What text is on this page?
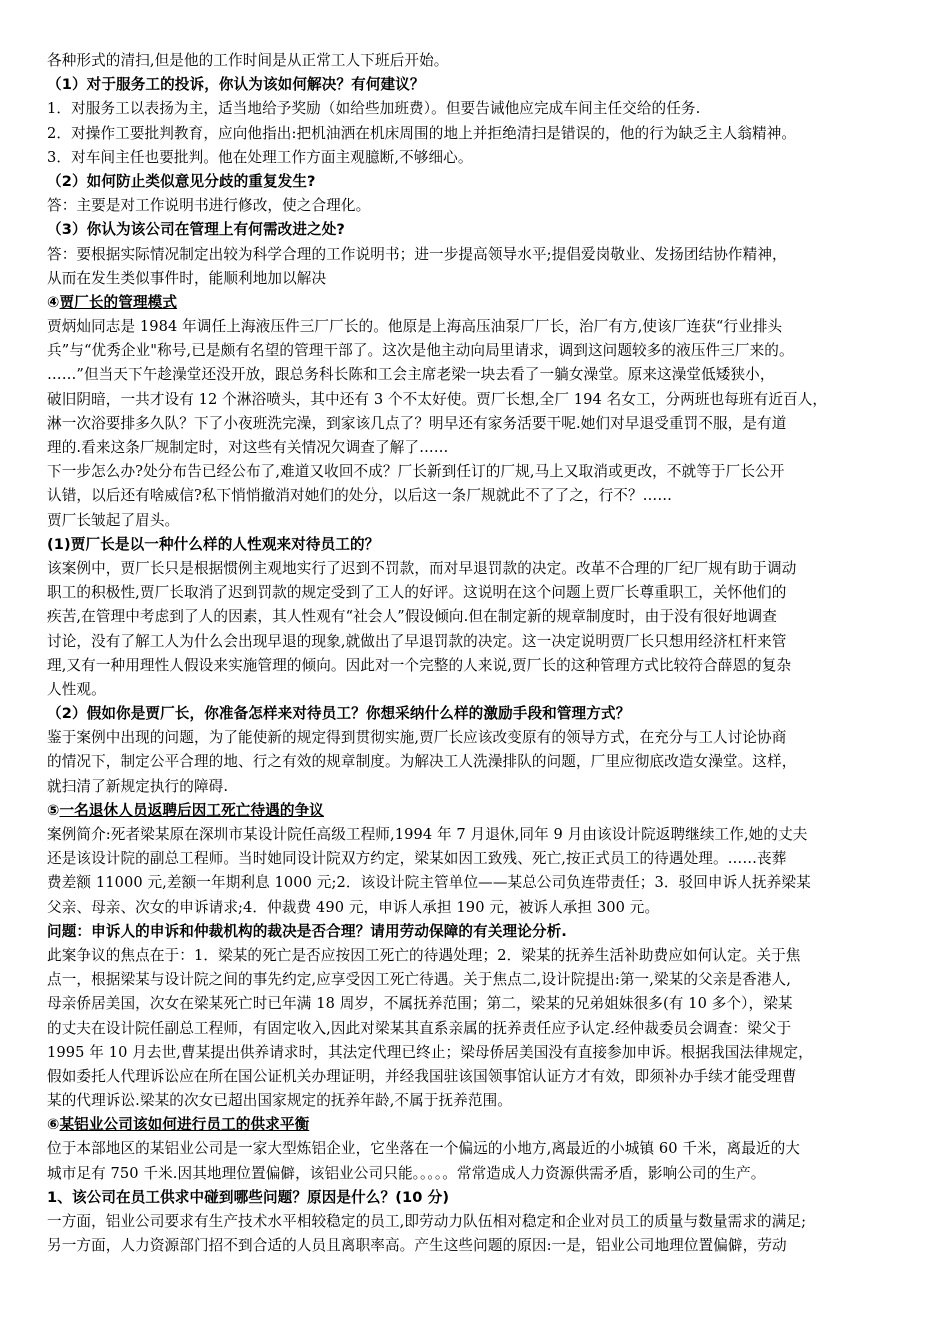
各种形式的清扫,但是他的工作时间是从正常工人下班后开始。
（1）对于服务工的投诉，你认为该如何解决？有何建议？
1．对服务工以表扬为主，适当地给予奖励（如给些加班费）。但要告诫他应完成车间主任交给的任务.
2．对操作工要批判教育，应向他指出:把机油洒在机床周围的地上并拒绝清扫是错误的，他的行为缺乏主人翁精神。
3．对车间主任也要批判。他在处理工作方面主观臆断,不够细心。
（2）如何防止类似意见分歧的重复发生?
答：主要是对工作说明书进行修改，使之合理化。
（3）你认为该公司在管理上有何需改进之处?
答：要根据实际情况制定出较为科学合理的工作说明书；进一步提高领导水平;提倡爱岗敬业、发扬团结协作精神，
从而在发生类似事件时，能顺利地加以解决
④贾厂长的管理模式
贾炳灿同志是 1984 年调任上海液压件三厂厂长的。他原是上海高压油泵厂厂长，治厂有方,使该厂连获“行业排头
兵”与“优秀企业"称号,已是颇有名望的管理干部了。这次是他主动向局里请求，调到这问题较多的液压件三厂来的。
……”但当天下午趁澡堂还没开放，跟总务科长陈和工会主席老梁一块去看了一躺女澡堂。原来这澡堂低矮狭小，
破旧阴暗，一共才设有 12 个淋浴喷头，其中还有 3 个不太好使。贾厂长想,全厂 194 名女工，分两班也每班有近百人，
淋一次浴要排多久队？下了小夜班洗完澡，到家该几点了？明早还有家务活要干呢.她们对早退受重罚不服，是有道
理的.看来这条厂规制定时，对这些有关情况欠调查了解了……
下一步怎么办?处分布告已经公布了,难道又收回不成？厂长新到任订的厂规,马上又取消或更改，不就等于厂长公开
认错，以后还有啥威信?私下悄悄撤消对她们的处分，以后这一条厂规就此不了了之，行不？……
贾厂长皱起了眉头。
(1)贾厂长是以一种什么样的人性观来对待员工的？
该案例中，贾厂长只是根据惯例主观地实行了迟到不罚款，而对早退罚款的决定。改革不合理的厂纪厂规有助于调动
职工的积极性,贾厂长取消了迟到罚款的规定受到了工人的好评。这说明在这个问题上贾厂长尊重职工，关怀他们的
疾苦,在管理中考虑到了人的因素，其人性观有“社会人”假设倾向.但在制定新的规章制度时，由于没有很好地调查
讨论，没有了解工人为什么会出现早退的现象,就做出了早退罚款的决定。这一决定说明贾厂长只想用经济杠杆来管
理,又有一种用理性人假设来实施管理的倾向。因此对一个完整的人来说,贾厂长的这种管理方式比较符合薛恩的复杂
人性观。
（2）假如你是贾厂长，你准备怎样来对待员工？你想采纳什么样的激励手段和管理方式？
鉴于案例中出现的问题，为了能使新的规定得到贯彻实施,贾厂长应该改变原有的领导方式，在充分与工人讨论协商
的情况下，制定公平合理的地、行之有效的规章制度。为解决工人洗澡排队的问题，厂里应彻底改造女澡堂。这样，
就扫清了新规定执行的障碍.
⑤一名退休人员返聘后因工死亡待遇的争议
案例简介:死者梁某原在深圳市某设计院任高级工程师,1994 年 7 月退休,同年 9 月由该设计院返聘继续工作,她的丈夫
还是该设计院的副总工程师。当时她同设计院双方约定，梁某如因工致残、死亡,按正式员工的待遇处理。……丧葬
费差额 11000 元,差额一年期利息 1000 元;2．该设计院主管单位——某总公司负连带责任；3．驳回申诉人抚养梁某
父亲、母亲、次女的申诉请求;4．仲裁费 490 元，申诉人承担 190 元，被诉人承担 300 元。
问题：申诉人的申诉和仲裁机构的裁决是否合理？请用劳动保障的有关理论分析.
此案争议的焦点在于：1．梁某的死亡是否应按因工死亡的待遇处理；2．梁某的抚养生活补助费应如何认定。关于焦
点一，根据梁某与设计院之间的事先约定,应享受因工死亡待遇。关于焦点二,设计院提出:第一,梁某的父亲是香港人,
母亲侨居美国，次女在梁某死亡时已年满 18 周岁，不属抚养范围；第二，梁某的兄弟姐妹很多(有 10 多个），梁某
的丈夫在设计院任副总工程师，有固定收入,因此对梁某其直系亲属的抚养责任应予认定.经仲裁委员会调查：梁父于
1995 年 10 月去世,曹某提出供养请求时，其法定代理已终止；梁母侨居美国没有直接参加申诉。根据我国法律规定，
假如委托人代理诉讼应在所在国公证机关办理证明，并经我国驻该国领事馆认证方才有效，即须补办手续才能受理曹
某的代理诉讼.梁某的次女已超出国家规定的抚养年龄,不属于抚养范围。
⑥某铝业公司该如何进行员工的供求平衡
位于本部地区的某铝业公司是一家大型炼铝企业，它坐落在一个偏远的小地方,离最近的小城镇 60 千米，离最近的大
城市足有 750 千米.因其地理位置偏僻，该铝业公司只能。。。。。常常造成人力资源供需矛盾，影响公司的生产。
1、该公司在员工供求中碰到哪些问题？原因是什么？(10 分)
一方面，铝业公司要求有生产技术水平相较稳定的员工,即劳动力队伍相对稳定和企业对员工的质量与数量需求的满足;
另一方面，人力资源部门招不到合适的人员且离职率高。产生这些问题的原因:一是，铝业公司地理位置偏僻，劳动
